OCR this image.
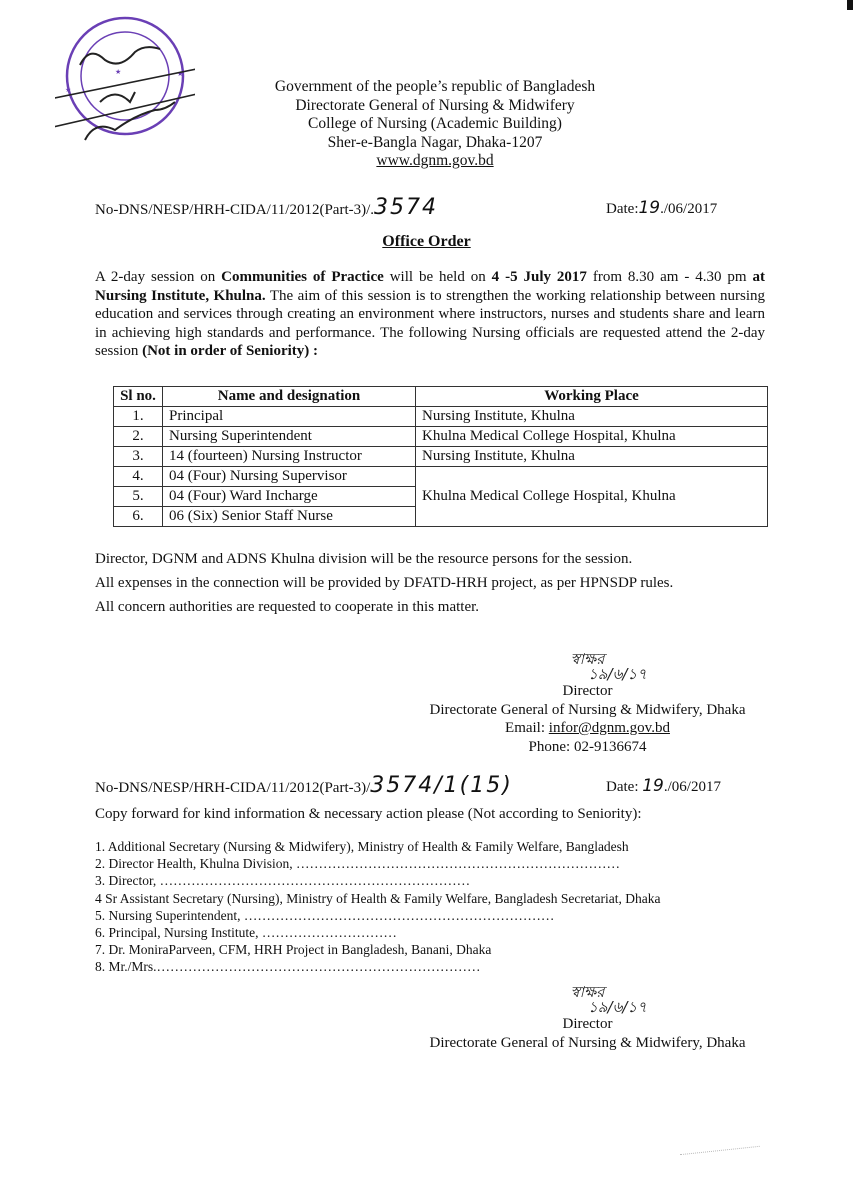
★	★
★	Government of the people’s republic of Bangladesh
Directorate General of Nursing & Midwifery
College of Nursing (Academic Building)
Sher-e-Bangla Nagar, Dhaka-1207
www.dgnm.gov.bd
No-DNS/NESP/HRH-CIDA/11/2012(Part-3)/.3574	Date:19./06/2017
Office Order
A 2-day session on Communities of Practice will be held on 4 -5 July 2017 from 8.30 am - 4.30 pm at Nursing Institute, Khulna. The aim of this session is to strengthen the working relationship between nursing education and services through creating an environment where instructors, nurses and students share and learn in achieving high standards and performance. The following Nursing officials are requested attend the 2-day session (Not in order of Seniority) :
Sl no.	Name and designation	Working Place
1.	Principal	Nursing Institute, Khulna
2.	Nursing Superintendent	Khulna Medical College Hospital, Khulna
3.	14 (fourteen) Nursing Instructor	Nursing Institute, Khulna
4.	04 (Four) Nursing Supervisor	Khulna Medical College Hospital, Khulna
5.	04 (Four) Ward Incharge	
6.	06 (Six) Senior Staff Nurse	
Director, DGNM and ADNS Khulna division will be the resource persons for the session.
All expenses in the connection will be provided by DFATD-HRH project, as per HPNSDP rules.
All concern authorities are requested to cooperate in this matter.
স্বাক্ষর
১৯/৬/১৭
Director
Directorate General of Nursing & Midwifery, Dhaka
Email: infor@dgnm.gov.bd
Phone: 02-9136674
No-DNS/NESP/HRH-CIDA/11/2012(Part-3)/3574/1(15)	Date: 19./06/2017
Copy forward for kind information & necessary action please (Not according to Seniority):
1. Additional Secretary (Nursing & Midwifery), Ministry of Health & Family Welfare, Bangladesh
2. Director Health, Khulna Division, ………………………………………………………………
3. Director, ……………………………………………………………
4 Sr Assistant Secretary (Nursing), Ministry of Health & Family Welfare, Bangladesh Secretariat, Dhaka
5. Nursing Superintendent, ……………………………………………………………
6. Principal, Nursing Institute, …………………………
7. Dr. MoniraParveen, CFM, HRH Project in Bangladesh, Banani, Dhaka
8. Mr./Mrs.………………………………………………………………
স্বাক্ষর
১৯/৬/১৭
Director
Directorate General of Nursing & Midwifery, Dhaka
